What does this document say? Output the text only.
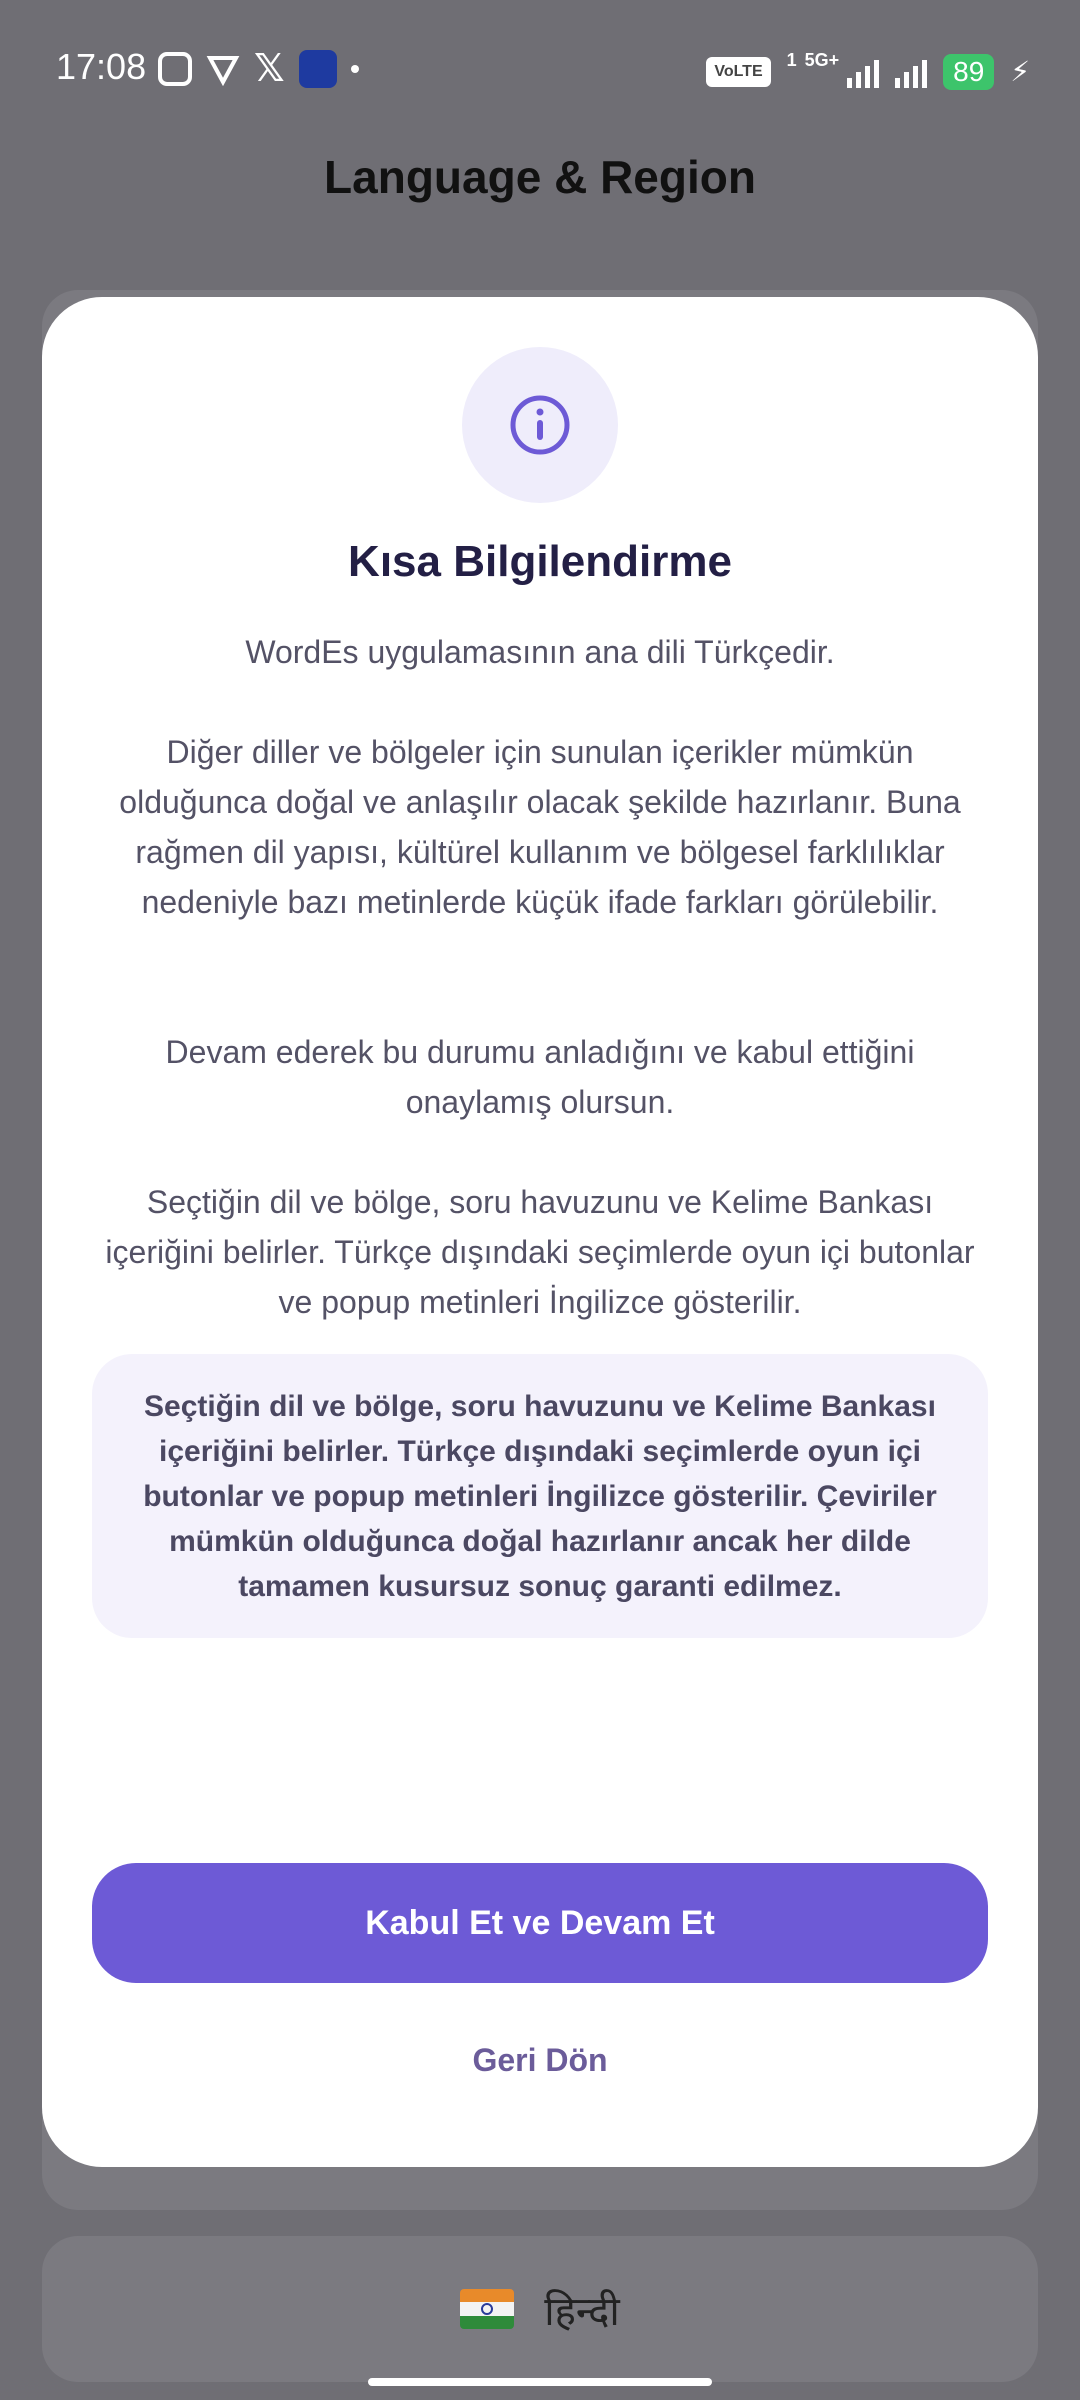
17:08	𝕏	VoLTE
1 5G+	89 ⚡
Language & Region
हिन्दी
Kısa Bilgilendirme
WordEs uygulamasının ana dili Türkçedir.
Diğer diller ve bölgeler için sunulan içerikler mümkün olduğunca doğal ve anlaşılır olacak şekilde hazırlanır. Buna rağmen dil yapısı, kültürel kullanım ve bölgesel farklılıklar nedeniyle bazı metinlerde küçük ifade farkları görülebilir.
Devam ederek bu durumu anladığını ve kabul ettiğini onaylamış olursun.
Seçtiğin dil ve bölge, soru havuzunu ve Kelime Bankası içeriğini belirler. Türkçe dışındaki seçimlerde oyun içi butonlar ve popup metinleri İngilizce gösterilir.
Seçtiğin dil ve bölge, soru havuzunu ve Kelime Bankası içeriğini belirler. Türkçe dışındaki seçimlerde oyun içi butonlar ve popup metinleri İngilizce gösterilir. Çeviriler mümkün olduğunca doğal hazırlanır ancak her dilde tamamen kusursuz sonuç garanti edilmez.
Kabul Et ve Devam Et
Geri Dön
